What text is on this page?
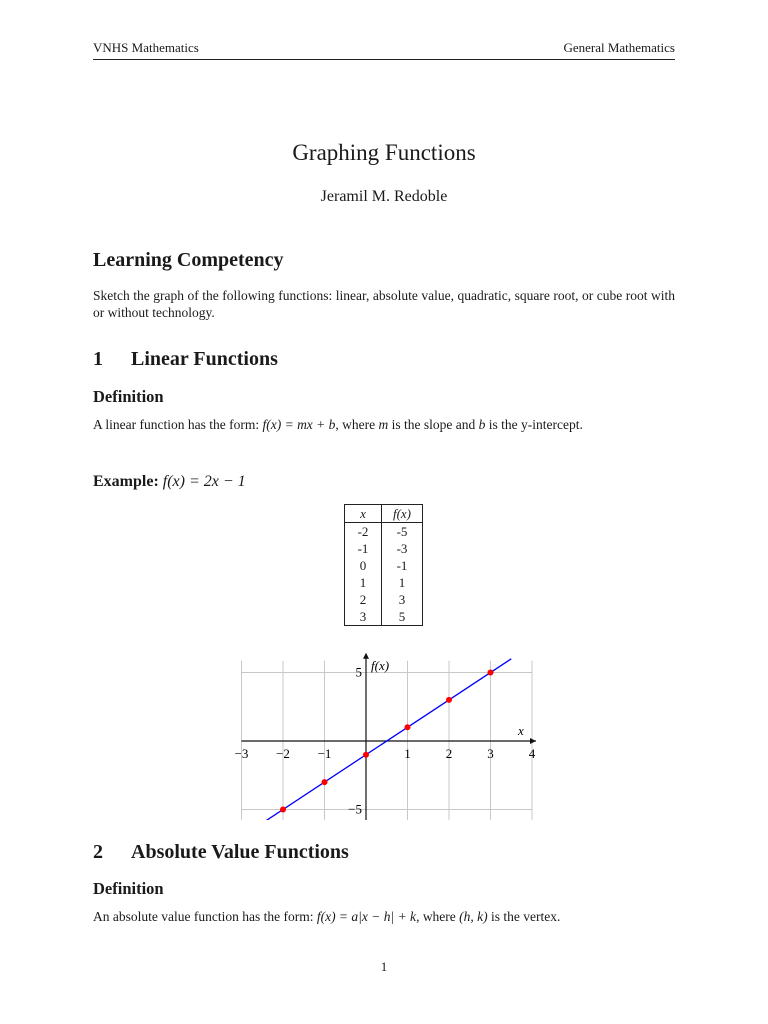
VNHS Mathematics	General Mathematics
Graphing Functions
Jeramil M. Redoble
Learning Competency
Sketch the graph of the following functions: linear, absolute value, quadratic, square root, or cube root with or without technology.
1 Linear Functions
Definition
A linear function has the form: f(x) = mx + b, where m is the slope and b is the y-intercept.
Example: f(x) = 2x − 1
x	f(x)
-2	-5
-1	-3
0	-1
1	1
2	3
3	5
x
f(x)
−3 −2 −1	1	2	3	4
5
−5
2 Absolute Value Functions
Definition
An absolute value function has the form: f(x) = a|x − h| + k, where (h, k) is the vertex.
1
